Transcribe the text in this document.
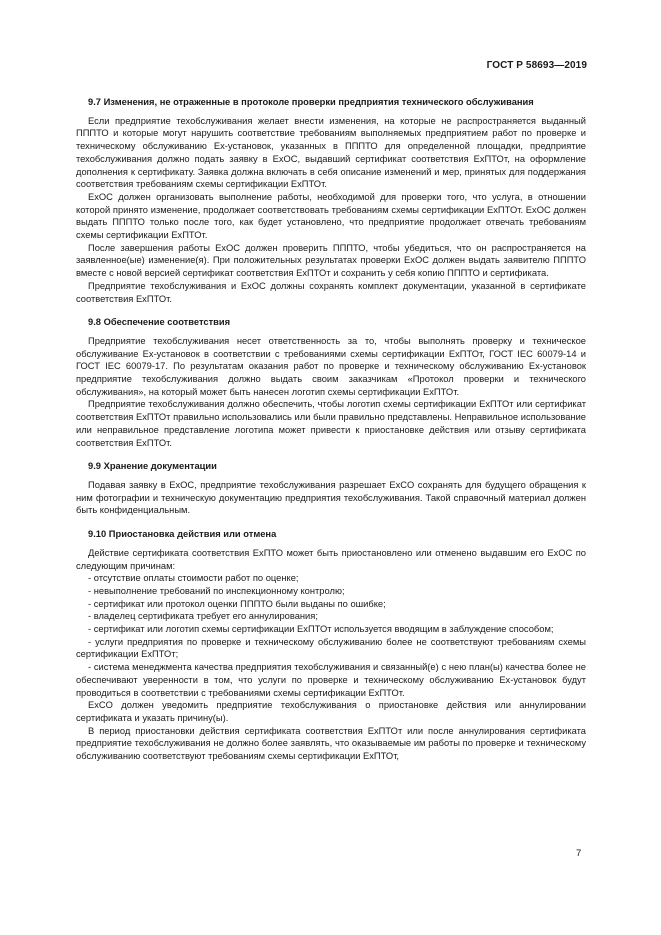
ГОСТ Р 58693—2019
9.7 Изменения, не отраженные в протоколе проверки предприятия технического обслуживания

Если предприятие техобслуживания желает внести изменения, на которые не распространяется выданный ПППТО и которые могут нарушить соответствие требованиям выполняемых предприятием работ по проверке и техническому обслуживанию Ex-установок, указанных в ПППТО для определенной площадки, предприятие техобслуживания должно подать заявку в ExOC, выдавший сертификат соответствия ExПТОт, на оформление дополнения к сертификату. Заявка должна включать в себя описание изменений и мер, принятых для поддержания соответствия требованиям схемы сертификации ExПТОт.

ExOC должен организовать выполнение работы, необходимой для проверки того, что услуга, в отношении которой принято изменение, продолжает соответствовать требованиям схемы сертификации ExПТОт. ExOC должен выдать ПППТО только после того, как будет установлено, что предприятие продолжает отвечать требованиям схемы сертификации ExПТОт.

После завершения работы ExOC должен проверить ПППТО, чтобы убедиться, что он распространяется на заявленное(ые) изменение(я). При положительных результатах проверки ExOC должен выдать заявителю ПППТО вместе с новой версией сертификат соответствия ExПТОт и сохранить у себя копию ПППТО и сертификата.

Предприятие техобслуживания и ExOC должны сохранять комплект документации, указанной в сертификате соответствия ExПТОт.

9.8 Обеспечение соответствия

Предприятие техобслуживания несет ответственность за то, чтобы выполнять проверку и техническое обслуживание Ex-установок в соответствии с требованиями схемы сертификации ExПТОт, ГОСТ IEC 60079-14 и ГОСТ IEC 60079-17. По результатам оказания работ по проверке и техническому обслуживанию Ex-установок предприятие техобслуживания должно выдать своим заказчикам «Протокол проверки и технического обслуживания», на который может быть нанесен логотип схемы сертификации ExПТОт.

Предприятие техобслуживания должно обеспечить, чтобы логотип схемы сертификации ExПТОт или сертификат соответствия ExПТОт правильно использовались или были правильно представлены. Неправильное использование или неправильное представление логотипа может привести к приостановке действия или отзыву сертификата соответствия ExПТОт.

9.9 Хранение документации

Подавая заявку в ExOC, предприятие техобслуживания разрешает ExCO сохранять для будущего обращения к ним фотографии и техническую документацию предприятия техобслуживания. Такой справочный материал должен быть конфиденциальным.

9.10 Приостановка действия или отмена

Действие сертификата соответствия ExПТО может быть приостановлено или отменено выдавшим его ExOC по следующим причинам:

- отсутствие оплаты стоимости работ по оценке;

- невыполнение требований по инспекционному контролю;

- сертификат или протокол оценки ПППТО были выданы по ошибке;

- владелец сертификата требует его аннулирования;

- сертификат или логотип схемы сертификации ExПТОт используется вводящим в заблуждение способом;

- услуги предприятия по проверке и техническому обслуживанию более не соответствуют требованиям схемы сертификации ExПТОт;

- система менеджмента качества предприятия техобслуживания и связанный(е) с нею план(ы) качества более не обеспечивают уверенности в том, что услуги по проверке и техническому обслуживанию Ex-установок будут проводиться в соответствии с требованиями схемы сертификации ExПТОт.

ExCO должен уведомить предприятие техобслуживания о приостановке действия или аннулировании сертификата и указать причину(ы).

В период приостановки действия сертификата соответствия ExПТОт или после аннулирования сертификата предприятие техобслуживания не должно более заявлять, что оказываемые им работы по проверке и техническому обслуживанию соответствуют требованиям схемы сертификации ExПТОт,

7
